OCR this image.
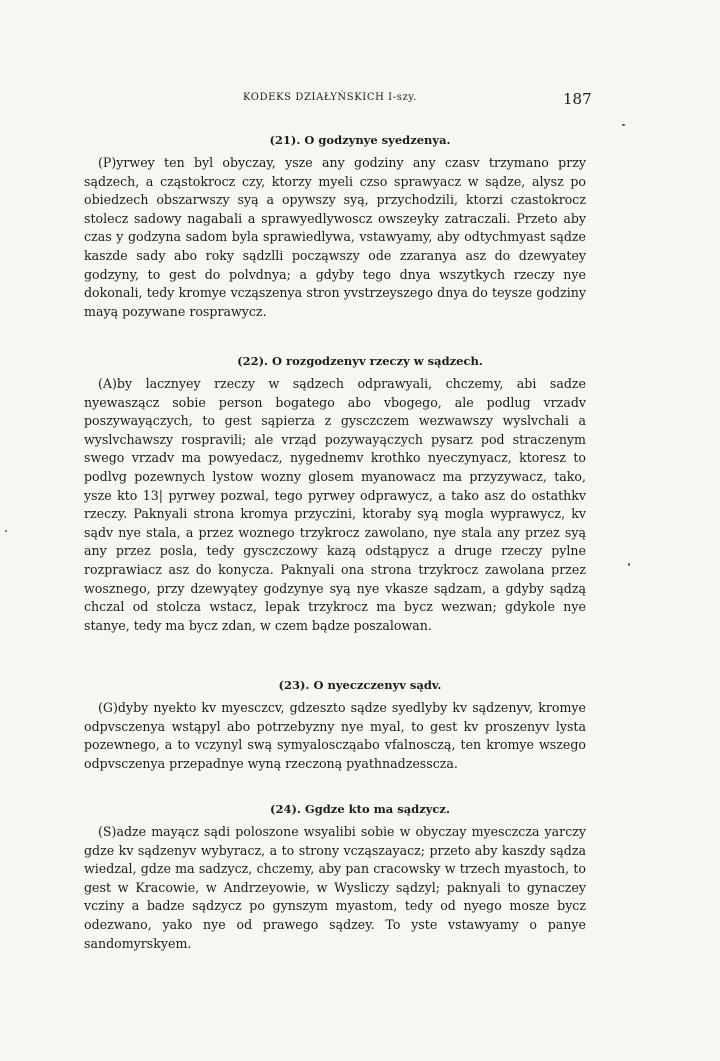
KODEKS DZIAŁYŃSKICH I-szy.	187
(21). O godzynye syedzenya.

(P)yrwey ten byl obyczay, ysze any godziny any czasv trzymano przy sądzech, a cząstokrocz czy, ktorzy myeli czso sprawyacz w sądze, alysz po obiedzech obszarwszy syą a opywszy syą, przychodzili, ktorzi czastokrocz stolecz sadowy nagabali a sprawyedlywoscz owszeyky zatraczali. Przeto aby czas y godzyna sadom byla sprawiedlywa, vstawyamy, aby odtychmyast sądze kaszde sady abo roky sądzlli począwszy ode zzaranya asz do dzewyatey godzyny, to gest do polvdnya; a gdyby tego dnya wszytkych rzeczy nye dokonali, tedy kromye vcząszenya stron yvstrzeyszego dnya do teysze godziny mayą pozywane rosprawycz.

(22). O rozgodzenyv rzeczy w sądzech.

(A)by lacznyey rzeczy w sądzech odprawyali, chczemy, abi sadze nyewaszącz sobie person bogatego abo vbogego, ale podlug vrzadv poszywayączych, to gest sąpierza z gysczczem wezwawszy wyslvchali a wyslvchawszy rospravili; ale vrząd pozywayączych pysarz pod straczenym swego vrzadv ma powyedacz, nygednemv krothko nyeczynyacz, ktoresz to podlvg pozewnych lystow wozny glosem myanowacz ma przyzywacz, tako, ysze kto 13| pyrwey pozwal, tego pyrwey odprawycz, a tako asz do ostathkv rzeczy. Paknyali strona kromya przyczini, ktoraby syą mogla wyprawycz, kv sądv nye stala, a przez woznego trzykrocz zawolano, nye stala any przez syą any przez posla, tedy gysczczowy kazą odstąpycz a druge rzeczy pylne rozprawiacz asz do konycza. Paknyali ona strona trzykrocz zawolana przez wosznego, przy dzewyątey godzynye syą nye vkasze sądzam, a gdyby sądzą chczal od stolcza wstacz, lepak trzykrocz ma bycz wezwan; gdykole nye stanye, tedy ma bycz zdan, w czem bądze poszalowan.

(23). O nyeczczenyv sądv.

(G)dyby nyekto kv myesczcv, gdzeszto sądze syedlyby kv sądzenyv, kromye odpvsczenya wstąpyl abo potrzebyzny nye myal, to gest kv proszenyv lysta pozewnego, a to vczynyl swą symyaloscząabo vfalnosczą, ten kromye wszego odpvsczenya przepadnye wyną rzeczoną pyathnadzesscza.

(24). Ggdze kto ma sądzycz.

(S)adze mayącz sądi poloszone wsyalibi sobie w obyczay myesczcza yarczy gdze kv sądzenyv wybyracz, a to strony vcząszayacz; przeto aby kaszdy sądza wiedzal, gdze ma sadzycz, chczemy, aby pan cracowsky w trzech myastoch, to gest w Kracowie, w Andrzeyowie, w Wysliczy sądzyl; paknyali to gynaczey vcziny a badze sądzycz po gynszym myastom, tedy od nyego mosze bycz odezwano, yako nye od prawego sądzey. To yste vstawyamy o panye sandomyrskyem.
